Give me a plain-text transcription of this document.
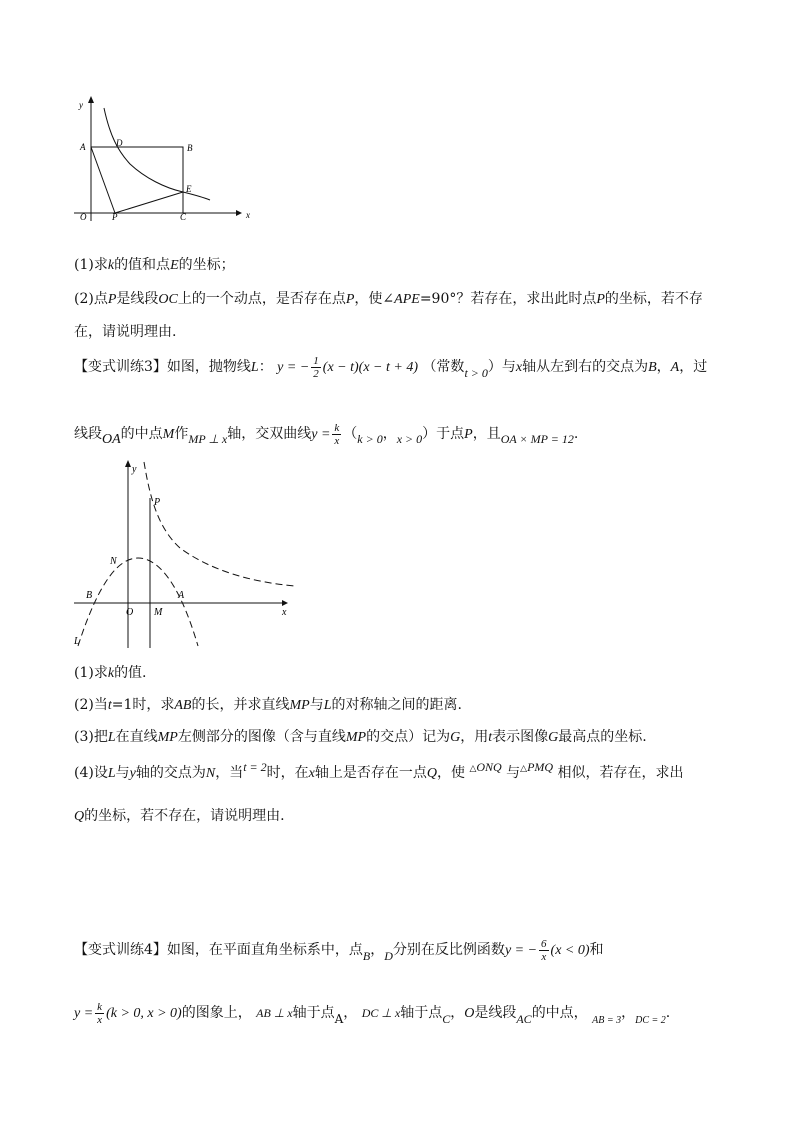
y
A	D	B
E
O	P	C	x
(1)求k的值和点E的坐标；
(2)点P是线段OC上的一个动点，是否存在点P，使∠APE=90°？若存在，求出此时点P的坐标，若不存
在，请说明理由.
【变式训练3】如图，抛物线L： y = − $\frac{1}{2} (x - t)(x - t + 4)$ （常数t > 0）与x轴从左到右的交点为B，A，过
线段OA的中点M作MP ⊥ x轴，交双曲线$y = \frac{k}{x} (k > 0$，x > 0）于点P，且OA × MP = 12.
y
P
N
B	A
O M	x
L
(1)求k的值.
(2)当t=1时，求AB的长，并求直线MP与L的对称轴之间的距离.
(3)把L在直线MP左侧部分的图像（含与直线MP的交点）记为G，用t表示图像G最高点的坐标.
(4)设L与y轴的交点为N，当t = 2时，在x轴上是否存在一点Q，使 △ONQ 与△PMQ 相似，若存在，求出
Q的坐标，若不存在，请说明理由.
【变式训练4】如图，在平面直角坐标系中，点B，D分别在反比例函数y = − $\frac{6}{x} (x < 0)$和
$y = \frac{k}{x} (k > 0$, x > 0)的图象上， AB ⊥ x轴于点A， DC ⊥ x轴于点C，O是线段AC的中点， $_{AB = 3}$，$_{DC = 2}$.
